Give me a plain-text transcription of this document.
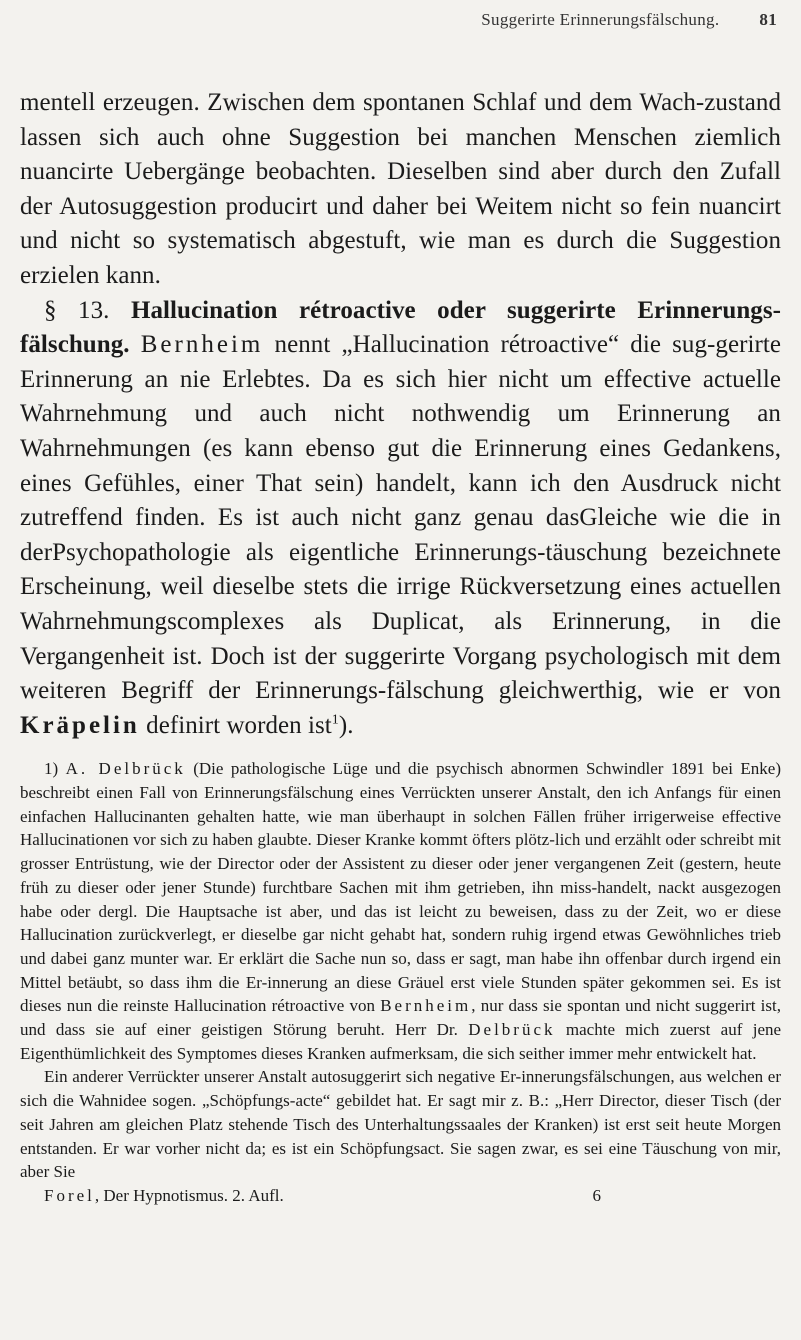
Suggerirte Erinnerungsfälschung. 81

mentell erzeugen. Zwischen dem spontanen Schlaf und dem Wach-zustand lassen sich auch ohne Suggestion bei manchen Menschen ziemlich nuancirte Uebergänge beobachten. Dieselben sind aber durch den Zufall der Autosuggestion producirt und daher bei Weitem nicht so fein nuancirt und nicht so systematisch abgestuft, wie man es durch die Suggestion erzielen kann.

§ 13. Hallucination rétroactive oder suggerirte Erinnerungs-fälschung. Bernheim nennt „Hallucination rétroactive“ die sug-gerirte Erinnerung an nie Erlebtes. Da es sich hier nicht um effective actuelle Wahrnehmung und auch nicht nothwendig um Erinnerung an Wahrnehmungen (es kann ebenso gut die Erinnerung eines Gedankens, eines Gefühles, einer That sein) handelt, kann ich den Ausdruck nicht zutreffend finden. Es ist auch nicht ganz genau dasGleiche wie die in derPsychopathologie als eigentliche Erinnerungs-täuschung bezeichnete Erscheinung, weil dieselbe stets die irrige Rückversetzung eines actuellen Wahrnehmungscomplexes als Duplicat, als Erinnerung, in die Vergangenheit ist. Doch ist der suggerirte Vorgang psychologisch mit dem weiteren Begriff der Erinnerungs-fälschung gleichwerthig, wie er von Kräpelin definirt worden ist$^1$).

1) A. Delbrück (Die pathologische Lüge und die psychisch abnormen Schwindler 1891 bei Enke) beschreibt einen Fall von Erinnerungsfälschung eines Verrückten unserer Anstalt, den ich Anfangs für einen einfachen Hallucinanten gehalten hatte, wie man überhaupt in solchen Fällen früher irrigerweise effective Hallucinationen vor sich zu haben glaubte. Dieser Kranke kommt öfters plötz-lich und erzählt oder schreibt mit grosser Entrüstung, wie der Director oder der Assistent zu dieser oder jener vergangenen Zeit (gestern, heute früh zu dieser oder jener Stunde) furchtbare Sachen mit ihm getrieben, ihn miss-handelt, nackt ausgezogen habe oder dergl. Die Hauptsache ist aber, und das ist leicht zu beweisen, dass zu der Zeit, wo er diese Hallucination zurückverlegt, er dieselbe gar nicht gehabt hat, sondern ruhig irgend etwas Gewöhnliches trieb und dabei ganz munter war. Er erklärt die Sache nun so, dass er sagt, man habe ihn offenbar durch irgend ein Mittel betäubt, so dass ihm die Er-innerung an diese Gräuel erst viele Stunden später gekommen sei. Es ist dieses nun die reinste Hallucination rétroactive von Bernheim, nur dass sie spontan und nicht suggerirt ist, und dass sie auf einer geistigen Störung beruht. Herr Dr. Delbrück machte mich zuerst auf jene Eigenthümlichkeit des Symptomes dieses Kranken aufmerksam, die sich seither immer mehr entwickelt hat.

Ein anderer Verrückter unserer Anstalt autosuggerirt sich negative Er-innerungsfälschungen, aus welchen er sich die Wahnidee sogen. „Schöpfungs-acte“ gebildet hat. Er sagt mir z. B.: „Herr Director, dieser Tisch (der seit Jahren am gleichen Platz stehende Tisch des Unterhaltungssaales der Kranken) ist erst seit heute Morgen entstanden. Er war vorher nicht da; es ist ein Schöpfungsact. Sie sagen zwar, es sei eine Täuschung von mir, aber Sie

Forel, Der Hypnotismus. 2. Aufl.	6
